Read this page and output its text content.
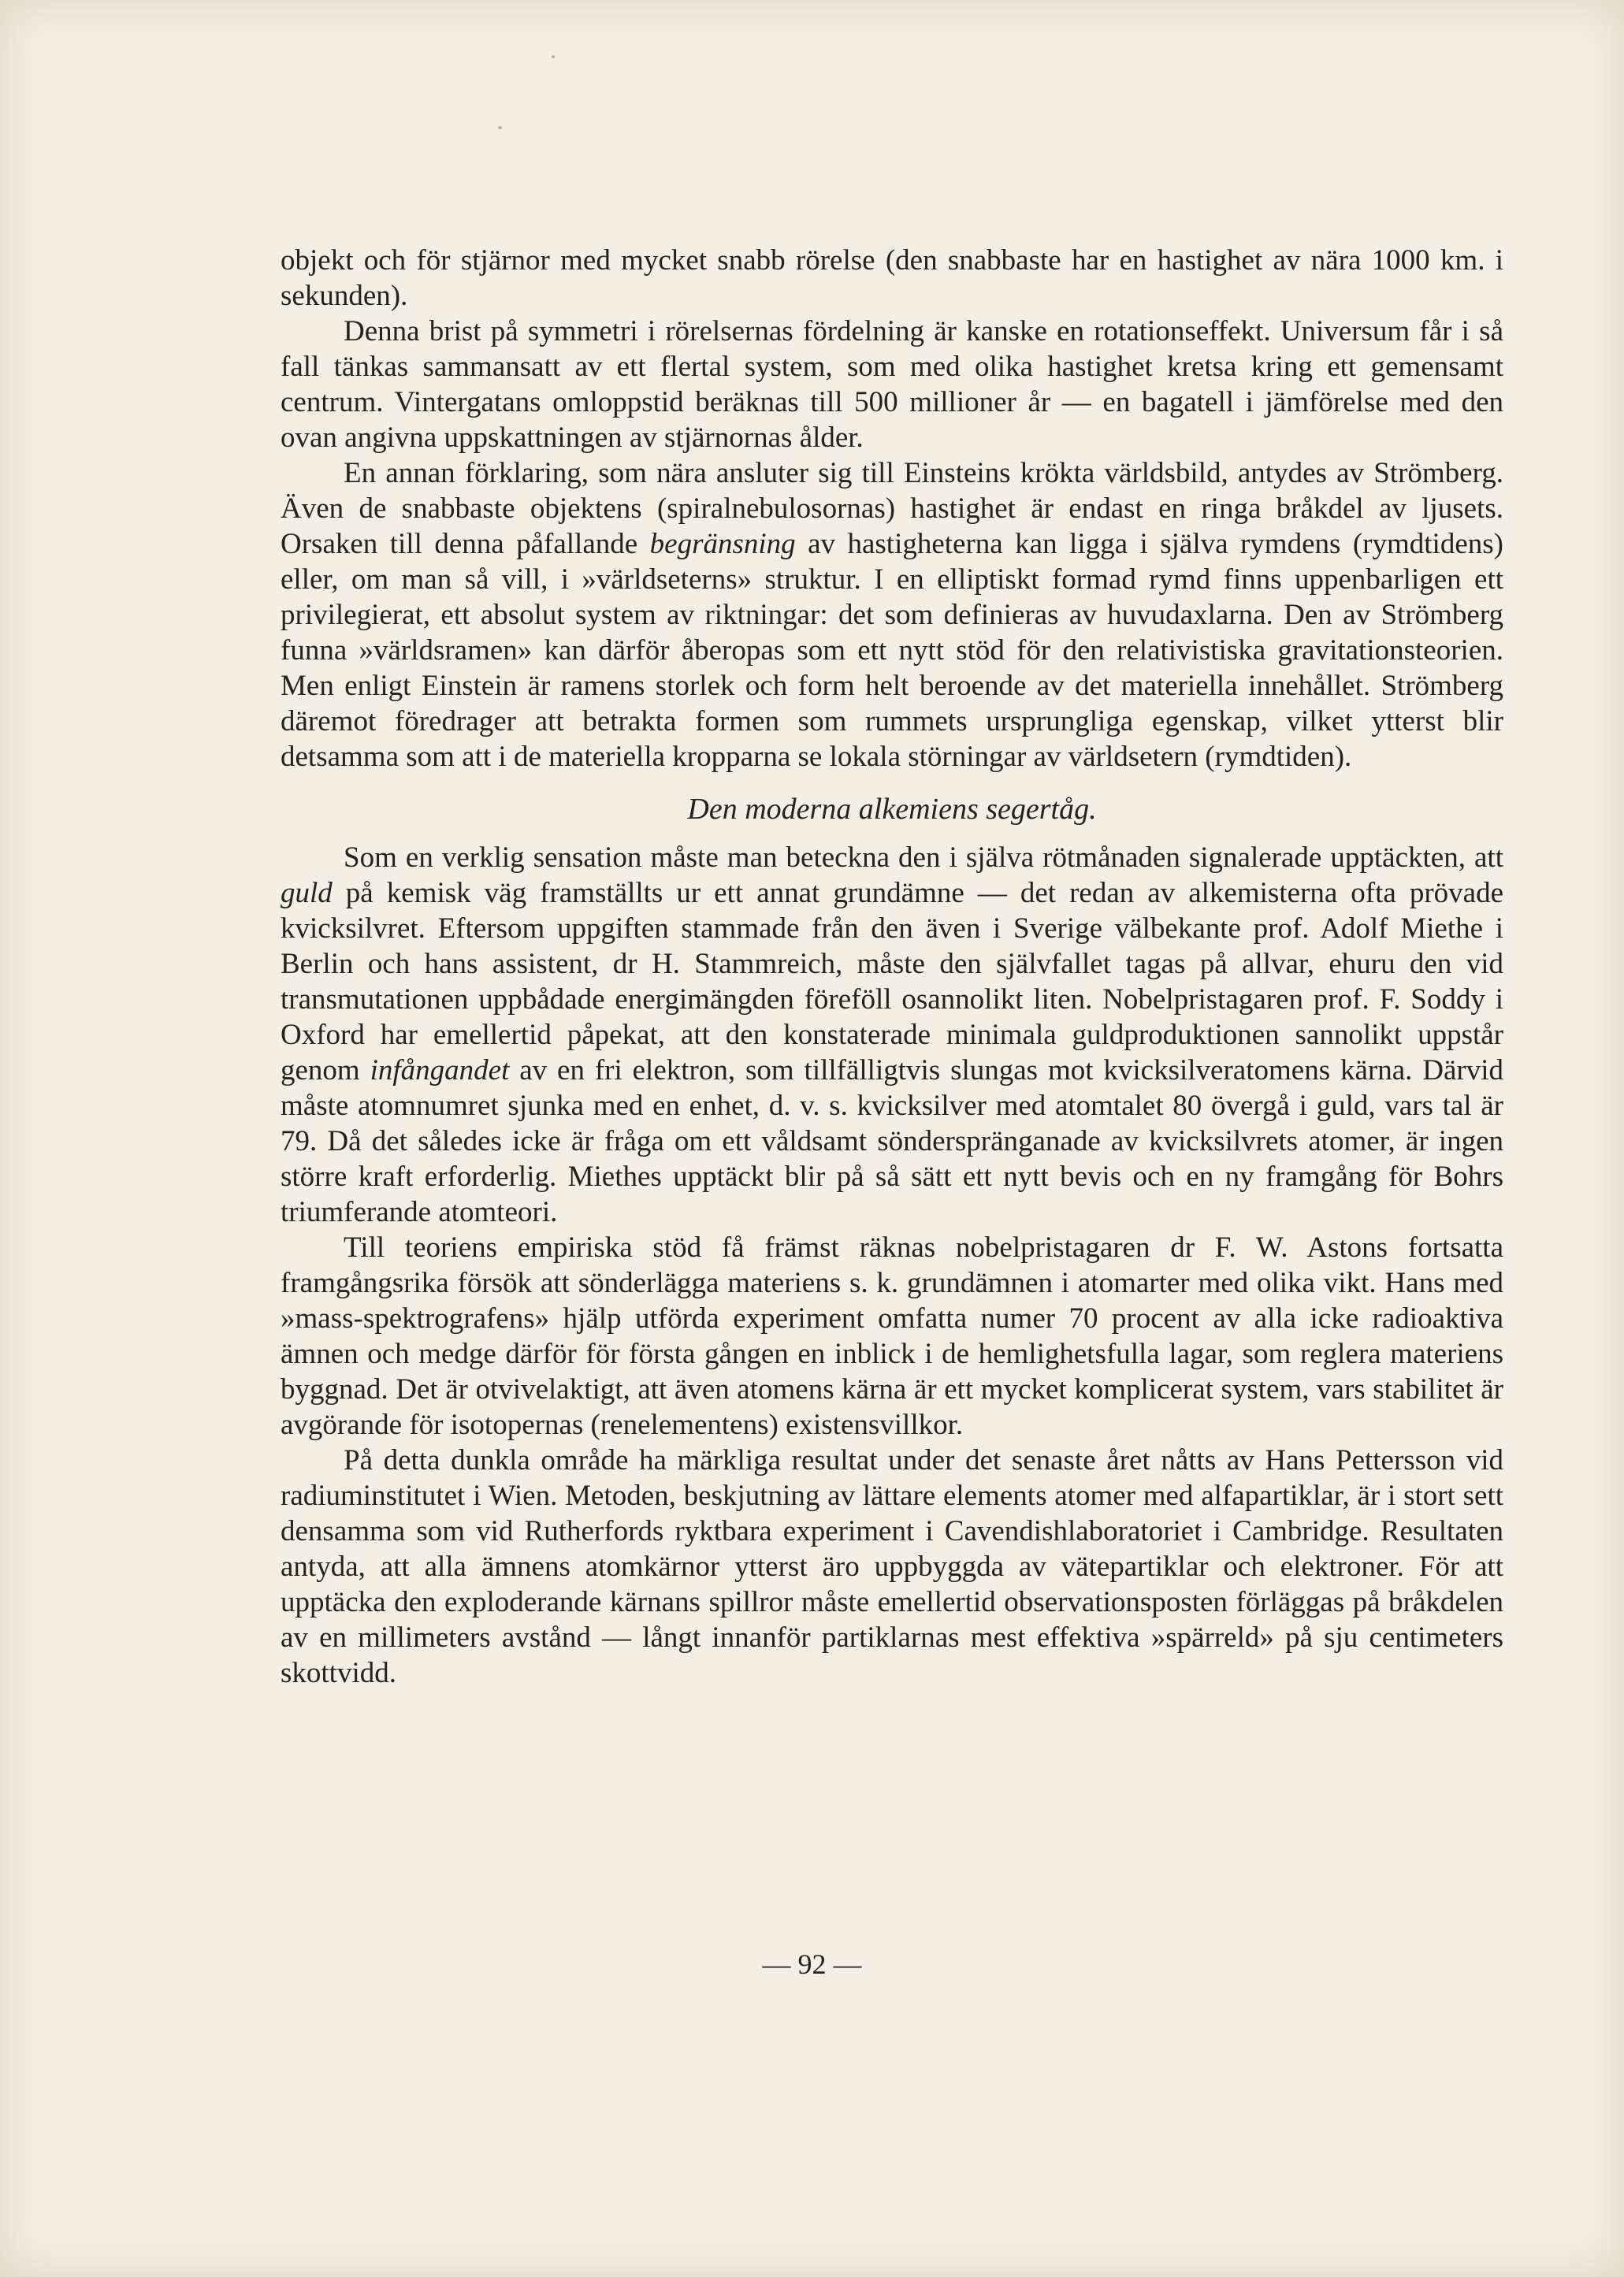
objekt och för stjärnor med mycket snabb rörelse (den snabbaste har en hastighet av nära 1000 km. i sekunden).

Denna brist på symmetri i rörelsernas fördelning är kanske en rotationseffekt. Universum får i så fall tänkas sammansatt av ett flertal system, som med olika hastighet kretsa kring ett gemensamt centrum. Vintergatans omloppstid beräknas till 500 millioner år — en bagatell i jämförelse med den ovan angivna uppskattningen av stjärnornas ålder.

En annan förklaring, som nära ansluter sig till Einsteins krökta världsbild, antydes av Strömberg. Även de snabbaste objektens (spiralnebulosornas) hastighet är endast en ringa bråkdel av ljusets. Orsaken till denna påfallande begränsning av hastigheterna kan ligga i själva rymdens (rymdtidens) eller, om man så vill, i »världseterns» struktur. I en elliptiskt formad rymd finns uppenbarligen ett privilegierat, ett absolut system av riktningar: det som definieras av huvudaxlarna. Den av Strömberg funna »världsramen» kan därför åberopas som ett nytt stöd för den relativistiska gravitationsteorien. Men enligt Einstein är ramens storlek och form helt beroende av det materiella innehållet. Strömberg däremot föredrager att betrakta formen som rummets ursprungliga egenskap, vilket ytterst blir detsamma som att i de materiella kropparna se lokala störningar av världsetern (rymdtiden).

Den moderna alkemiens segertåg.

Som en verklig sensation måste man beteckna den i själva rötmånaden signalerade upptäckten, att guld på kemisk väg framställts ur ett annat grundämne — det redan av alkemisterna ofta prövade kvicksilvret. Eftersom uppgiften stammade från den även i Sverige välbekante prof. Adolf Miethe i Berlin och hans assistent, dr H. Stammreich, måste den självfallet tagas på allvar, ehuru den vid transmutationen uppbådade energimängden föreföll osannolikt liten. Nobelpristagaren prof. F. Soddy i Oxford har emellertid påpekat, att den konstaterade minimala guldproduktionen sannolikt uppstår genom infångandet av en fri elektron, som tillfälligtvis slungas mot kvicksilveratomens kärna. Därvid måste atomnumret sjunka med en enhet, d. v. s. kvicksilver med atomtalet 80 övergå i guld, vars tal är 79. Då det således icke är fråga om ett våldsamt sönderspränganade av kvicksilvrets atomer, är ingen större kraft erforderlig. Miethes upptäckt blir på så sätt ett nytt bevis och en ny framgång för Bohrs triumferande atomteori.

Till teoriens empiriska stöd få främst räknas nobelpristagaren dr F. W. Astons fortsatta framgångsrika försök att sönderlägga materiens s. k. grundämnen i atomarter med olika vikt. Hans med »mass-spektrografens» hjälp utförda experiment omfatta numer 70 procent av alla icke radioaktiva ämnen och medge därför för första gången en inblick i de hemlighetsfulla lagar, som reglera materiens byggnad. Det är otvivelaktigt, att även atomens kärna är ett mycket komplicerat system, vars stabilitet är avgörande för isotopernas (renelementens) existensvillkor.

På detta dunkla område ha märkliga resultat under det senaste året nåtts av Hans Pettersson vid radiuminstitutet i Wien. Metoden, beskjutning av lättare elements atomer med alfapartiklar, är i stort sett densamma som vid Rutherfords ryktbara experiment i Cavendishlaboratoriet i Cambridge. Resultaten antyda, att alla ämnens atomkärnor ytterst äro uppbyggda av vätepartiklar och elektroner. För att upptäcka den exploderande kärnans spillror måste emellertid observationsposten förläggas på bråkdelen av en millimeters avstånd — långt innanför partiklarnas mest effektiva »spärreld» på sju centimeters skottvidd.

— 92 —
